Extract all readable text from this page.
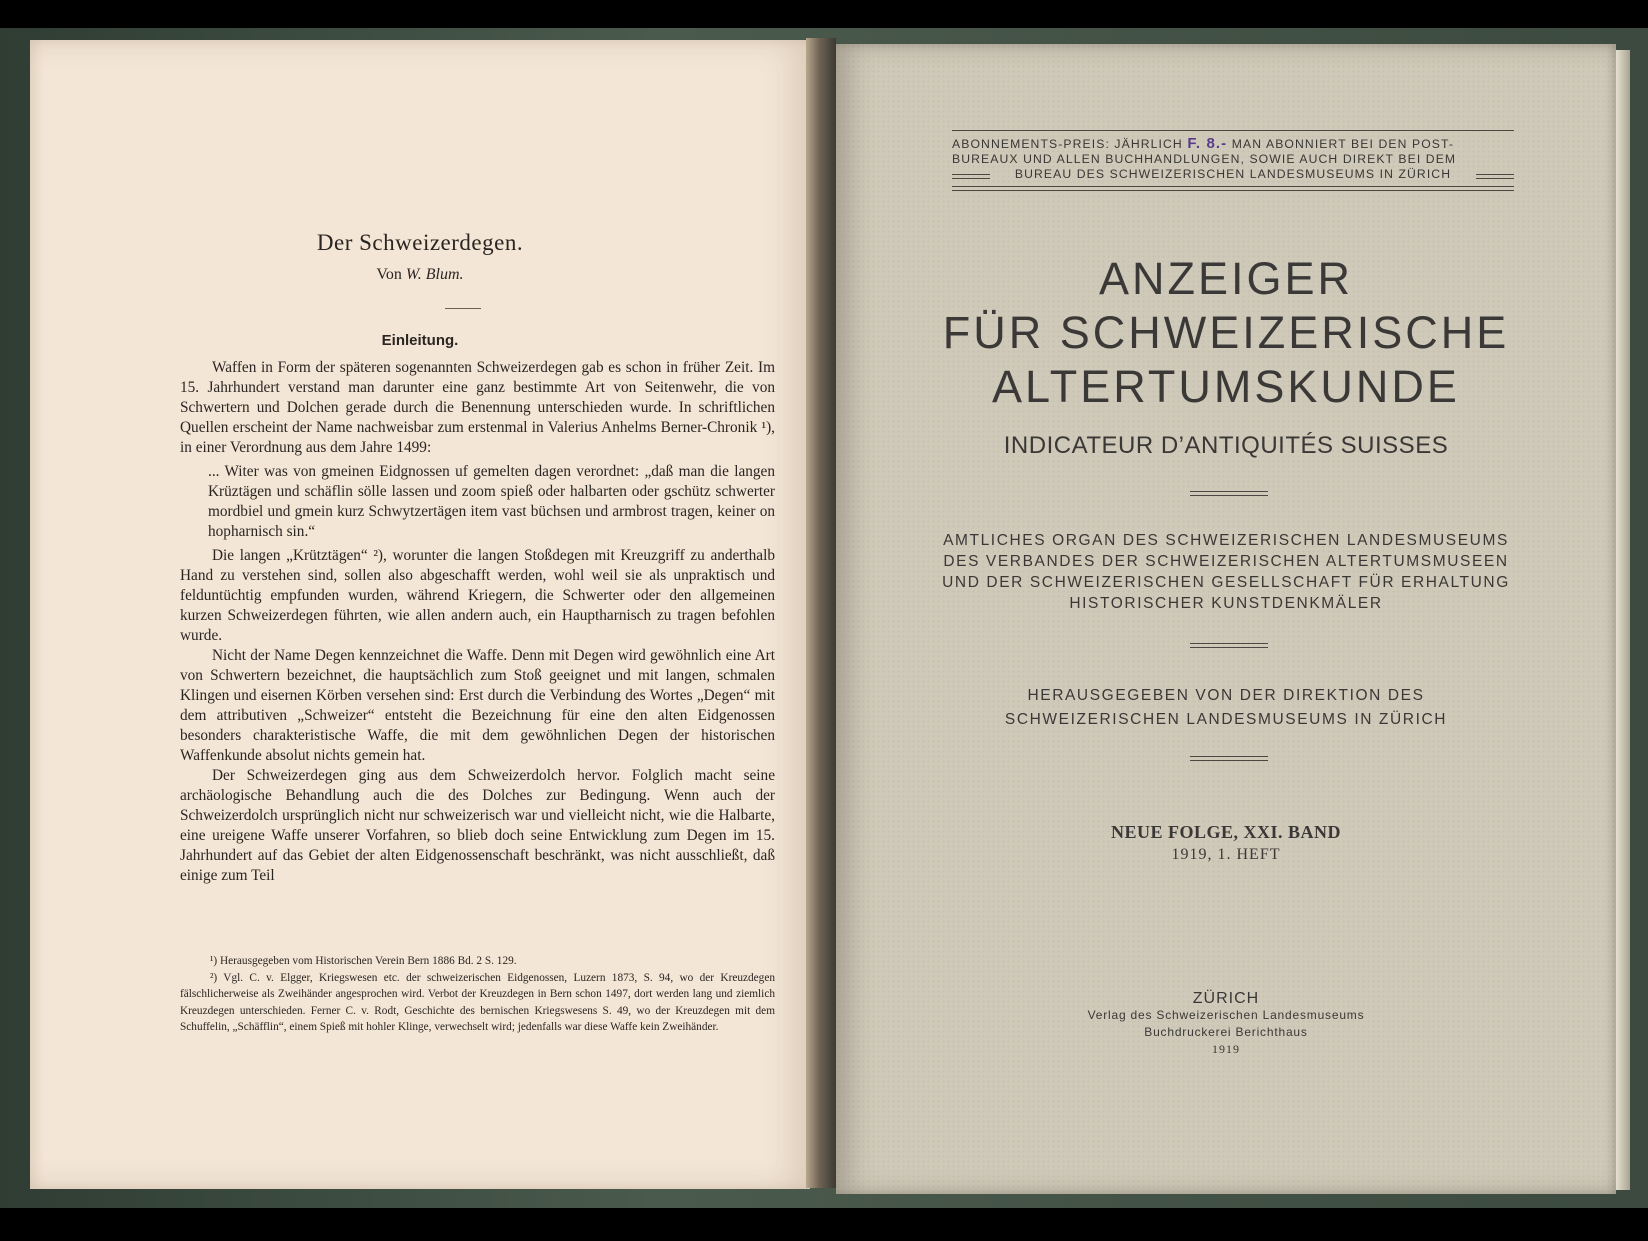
Der Schweizerdegen.
Von W. Blum.
Einleitung.

Waffen in Form der späteren sogenannten Schweizerdegen gab es schon in früher Zeit. Im 15. Jahrhundert verstand man darunter eine ganz bestimmte Art von Seitenwehr, die von Schwertern und Dolchen gerade durch die Benennung unterschieden wurde. In schriftlichen Quellen erscheint der Name nachweisbar zum erstenmal in Valerius Anhelms Berner-Chronik ¹), in einer Verordnung aus dem Jahre 1499:

... Witer was von gmeinen Eidgnossen uf gemelten dagen verordnet: „daß man die langen Krüztägen und schäflin sölle lassen und zoom spieß oder halbarten oder gschütz schwerter mordbiel und gmein kurz Schwytzertägen item vast büchsen und armbrost tragen, keiner on hopharnisch sin.“

Die langen „Krütztägen“ ²), worunter die langen Stoßdegen mit Kreuzgriff zu anderthalb Hand zu verstehen sind, sollen also abgeschafft werden, wohl weil sie als unpraktisch und felduntüchtig empfunden wurden, während Kriegern, die Schwerter oder den allgemeinen kurzen Schweizerdegen führten, wie allen andern auch, ein Hauptharnisch zu tragen befohlen wurde.

Nicht der Name Degen kennzeichnet die Waffe. Denn mit Degen wird gewöhnlich eine Art von Schwertern bezeichnet, die hauptsächlich zum Stoß geeignet und mit langen, schmalen Klingen und eisernen Körben versehen sind: Erst durch die Verbindung des Wortes „Degen“ mit dem attributiven „Schweizer“ entsteht die Bezeichnung für eine den alten Eidgenossen besonders charakteristische Waffe, die mit dem gewöhnlichen Degen der historischen Waffenkunde absolut nichts gemein hat.

Der Schweizerdegen ging aus dem Schweizerdolch hervor. Folglich macht seine archäologische Behandlung auch die des Dolches zur Bedingung. Wenn auch der Schweizerdolch ursprünglich nicht nur schweizerisch war und vielleicht nicht, wie die Halbarte, eine ureigene Waffe unserer Vorfahren, so blieb doch seine Entwicklung zum Degen im 15. Jahrhundert auf das Gebiet der alten Eidgenossenschaft beschränkt, was nicht ausschließt, daß einige zum Teil

¹) Herausgegeben vom Historischen Verein Bern 1886 Bd. 2 S. 129.

²) Vgl. C. v. Elgger, Kriegswesen etc. der schweizerischen Eidgenossen, Luzern 1873, S. 94, wo der Kreuzdegen fälschlicherweise als Zweihänder angesprochen wird. Verbot der Kreuzdegen in Bern schon 1497, dort werden lang und ziemlich Kreuzdegen unterschieden. Ferner C. v. Rodt, Geschichte des bernischen Kriegswesens S. 49, wo der Kreuzdegen mit dem Schuffelin, „Schäfflin“, einem Spieß mit hohler Klinge, verwechselt wird; jedenfalls war diese Waffe kein Zweihänder.

ABONNEMENTS-PREIS: JÄHRLICH F. 8.- MAN ABONNIERT BEI DEN POST-
BUREAUX UND ALLEN BUCHHANDLUNGEN, SOWIE AUCH DIREKT BEI DEM
BUREAU DES SCHWEIZERISCHEN LANDESMUSEUMS IN ZÜRICH
ANZEIGER
FÜR SCHWEIZERISCHE
ALTERTUMSKUNDE
INDICATEUR D’ANTIQUITÉS SUISSES
AMTLICHES ORGAN DES SCHWEIZERISCHEN LANDESMUSEUMS
DES VERBANDES DER SCHWEIZERISCHEN ALTERTUMSMUSEEN
UND DER SCHWEIZERISCHEN GESELLSCHAFT FÜR ERHALTUNG
HISTORISCHER KUNSTDENKMÄLER
HERAUSGEGEBEN VON DER DIREKTION DES
SCHWEIZERISCHEN LANDESMUSEUMS IN ZÜRICH
NEUE FOLGE, XXI. BAND
1919, 1. HEFT
ZÜRICH
Verlag des Schweizerischen Landesmuseums
Buchdruckerei Berichthaus
1919
